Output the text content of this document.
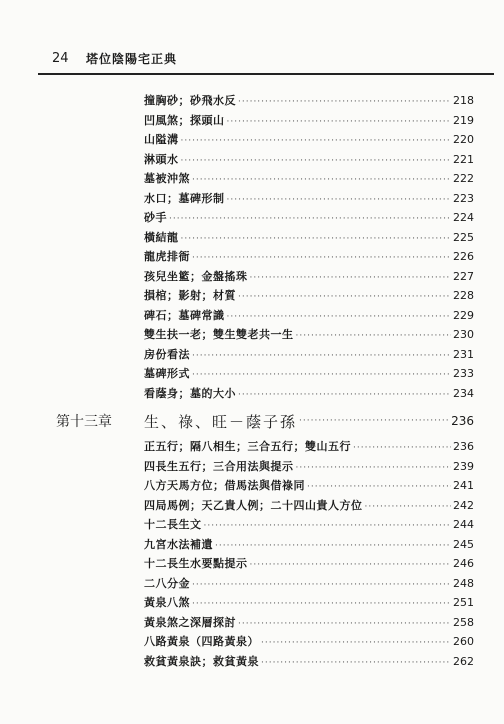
24 塔位陰陽宅正典
撞胸砂；砂飛水反 ·····	218
凹風煞；探頭山 ·····	219
山隘溝 ·····	220
淋頭水 ·····	221
墓被沖煞 ·····	222
水口；墓碑形制 ·····	223
砂手 ·····	224
橫結龍 ·····	225
龍虎排衙 ·····	226
孩兒坐籃；金盤搖珠 ·····	227
損棺；影射；材質 ·····	228
碑石；墓碑常識 ·····	229
雙生扶一老；雙生雙老共一生 ·····	230
房份看法 ·····	231
墓碑形式 ·····	233
看蔭身；墓的大小 ·····	234
第十三章	生、祿、旺－蔭子孫 ·····	236
正五行；隔八相生；三合五行；雙山五行 ·····	236
四長生五行；三合用法與提示 ·····	239
八方天馬方位；借馬法與借祿同 ·····	241
四局馬例；天乙貴人例；二十四山貴人方位 ·····	242
十二長生文 ·····	244
九宮水法補遺 ·····	245
十二長生水要點提示 ·····	246
二八分金 ·····	248
黃泉八煞 ·····	251
黃泉煞之深層探討 ·····	258
八路黃泉（四路黃泉） ·····	260
救貧黃泉訣；救貧黃泉 ·····	262
